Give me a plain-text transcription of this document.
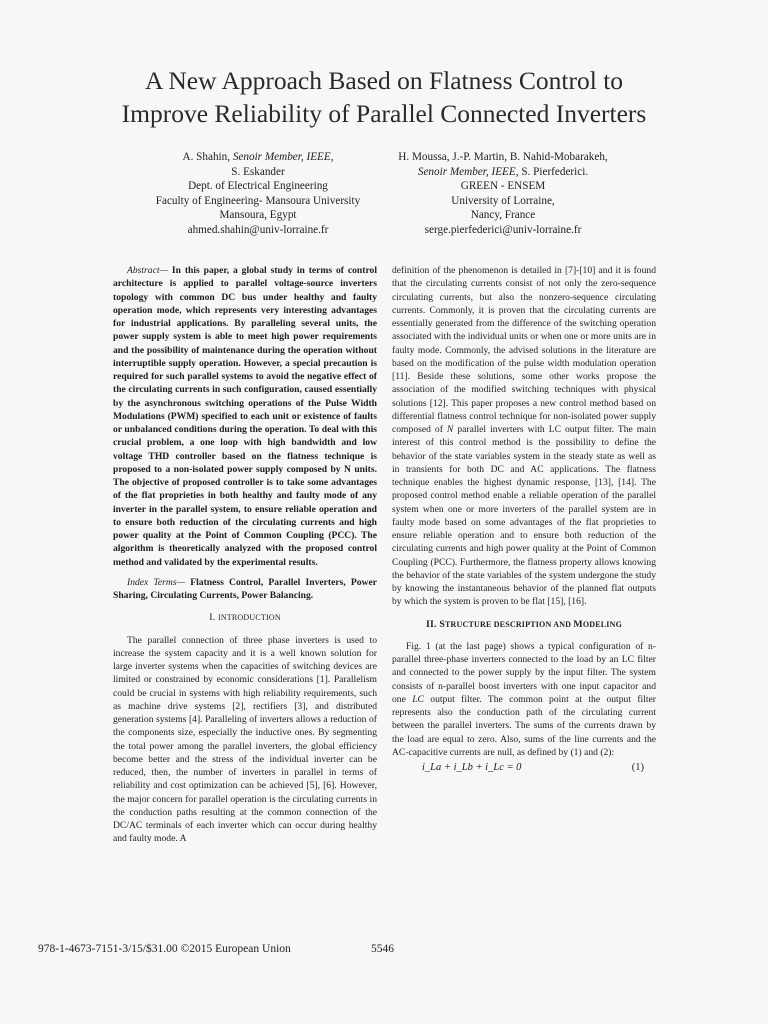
A New Approach Based on Flatness Control to
Improve Reliability of Parallel Connected Inverters
A. Shahin, Senoir Member, IEEE,
S. Eskander
Dept. of Electrical Engineering
Faculty of Engineering- Mansoura University
Mansoura, Egypt
ahmed.shahin@univ-lorraine.fr
H. Moussa, J.-P. Martin, B. Nahid-Mobarakeh,
Senoir Member, IEEE, S. Pierfederici.
GREEN - ENSEM
University of Lorraine,
Nancy, France
serge.pierfederici@univ-lorraine.fr

Abstract— In this paper, a global study in terms of control architecture is applied to parallel voltage-source inverters topology with common DC bus under healthy and faulty operation mode, which represents very interesting advantages for industrial applications. By paralleling several units, the power supply system is able to meet high power requirements and the possibility of maintenance during the operation without interruptible supply operation. However, a special precaution is required for such parallel systems to avoid the negative effect of the circulating currents in such configuration, caused essentially by the asynchronous switching operations of the Pulse Width Modulations (PWM) specified to each unit or existence of faults or unbalanced conditions during the operation. To deal with this crucial problem, a one loop with high bandwidth and low voltage THD controller based on the flatness technique is proposed to a non-isolated power supply composed by N units. The objective of proposed controller is to take some advantages of the flat proprieties in both healthy and faulty mode of any inverter in the parallel system, to ensure reliable operation and to ensure both reduction of the circulating currents and high power quality at the Point of Common Coupling (PCC). The algorithm is theoretically analyzed with the proposed control method and validated by the experimental results.

Index Terms— Flatness Control, Parallel Inverters, Power Sharing, Circulating Currents, Power Balancing.

I. INTRODUCTION

The parallel connection of three phase inverters is used to increase the system capacity and it is a well known solution for large inverter systems when the capacities of switching devices are limited or constrained by economic considerations [1]. Parallelism could be crucial in systems with high reliability requirements, such as machine drive systems [2], rectifiers [3], and distributed generation systems [4]. Paralleling of inverters allows a reduction of the components size, especially the inductive ones. By segmenting the total power among the parallel inverters, the global efficiency become better and the stress of the individual inverter can be reduced, then, the number of inverters in parallel in terms of reliability and cost optimization can be achieved [5], [6]. However, the major concern for parallel operation is the circulating currents in the conduction paths resulting at the common connection of the DC/AC terminals of each inverter which can occur during healthy and faulty mode. A

definition of the phenomenon is detailed in [7]-[10] and it is found that the circulating currents consist of not only the zero-sequence circulating currents, but also the nonzero-sequence circulating currents. Commonly, it is proven that the circulating currents are essentially generated from the difference of the switching operation associated with the individual units or when one or more units are in faulty mode. Commonly, the advised solutions in the literature are based on the modification of the pulse width modulation operation [11]. Beside these solutions, some other works propose the association of the modified switching techniques with physical solutions [12]. This paper proposes a new control method based on differential flatness control technique for non-isolated power supply composed of N parallel inverters with LC output filter. The main interest of this control method is the possibility to define the behavior of the state variables system in the steady state as well as in transients for both DC and AC applications. The flatness technique enables the highest dynamic response, [13], [14]. The proposed control method enable a reliable operation of the parallel system when one or more inverters of the parallel system are in faulty mode based on some advantages of the flat proprieties to ensure reliable operation and to ensure both reduction of the circulating currents and high power quality at the Point of Common Coupling (PCC). Furthermore, the flatness property allows knowing the behavior of the state variables of the system undergone the study by knowing the instantaneous behavior of the planned flat outputs by which the system is proven to be flat [15], [16].

II. STRUCTURE DESCRIPTION AND MODELING

Fig. 1 (at the last page) shows a typical configuration of n-parallel three-phase inverters connected to the load by an LC filter and connected to the power supply by the input filter. The system consists of n-parallel boost inverters with one input capacitor and one LC output filter. The common point at the output filter represents also the conduction path of the circulating current between the parallel inverters. The sums of the currents drawn by the load are equal to zero. Also, sums of the line currents and the AC-capacitive currents are null, as defined by (1) and (2):

i_La + i_Lb + i_Lc = 0	(1)
978-1-4673-7151-3/15/$31.00 ©2015 European Union	5546
